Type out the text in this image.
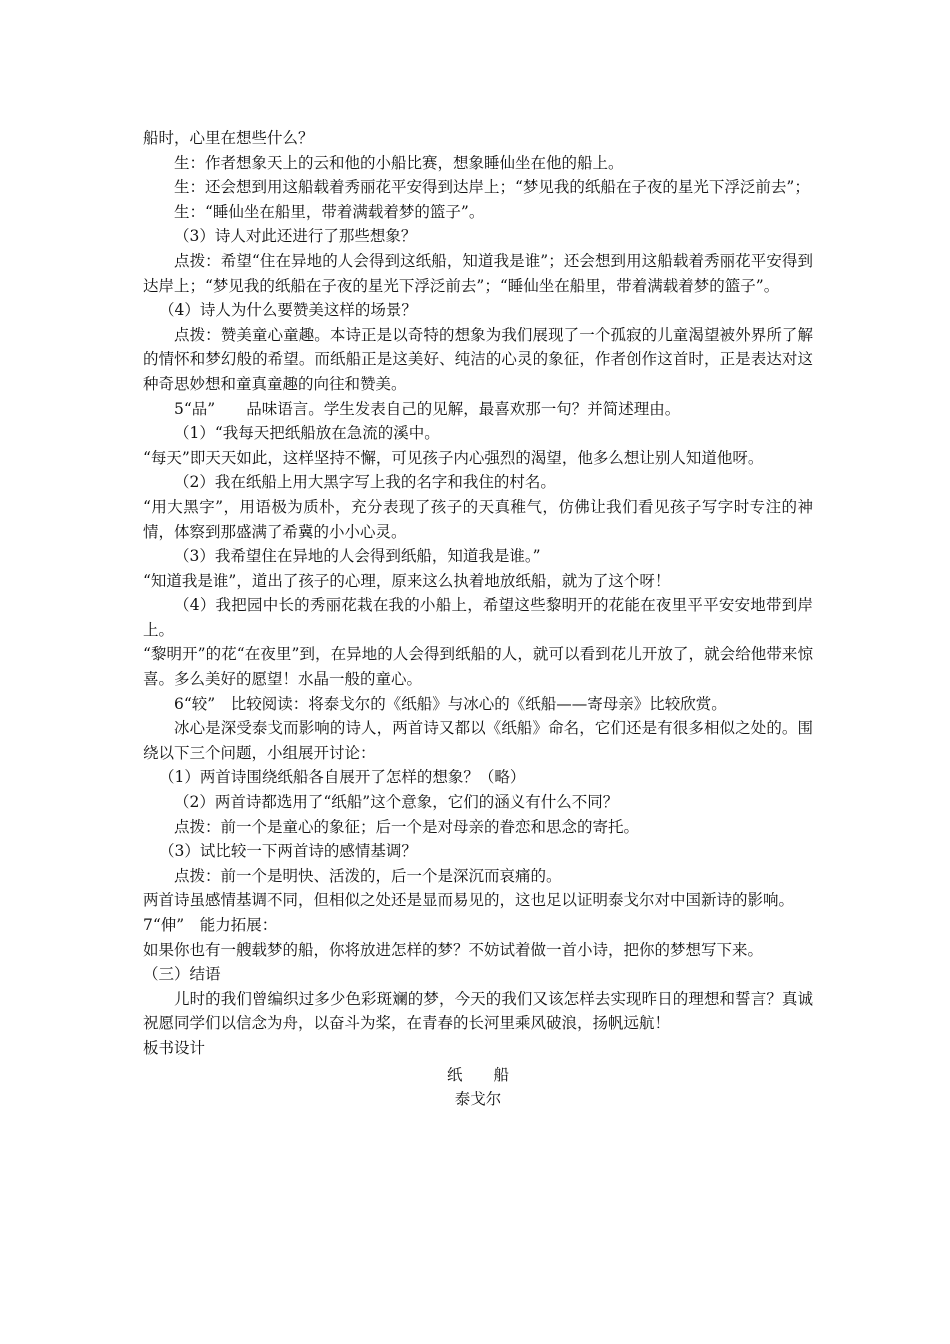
船时，心里在想些什么？

生：作者想象天上的云和他的小船比赛，想象睡仙坐在他的船上。

生：还会想到用这船载着秀丽花平安得到达岸上；“梦见我的纸船在子夜的星光下浮泛前去”；

生：“睡仙坐在船里，带着满载着梦的篮子”。

（3）诗人对此还进行了那些想象？

点拨：希望“住在异地的人会得到这纸船，知道我是谁”；还会想到用这船载着秀丽花平安得到达岸上；“梦见我的纸船在子夜的星光下浮泛前去”；“睡仙坐在船里，带着满载着梦的篮子”。

（4）诗人为什么要赞美这样的场景？

点拨：赞美童心童趣。本诗正是以奇特的想象为我们展现了一个孤寂的儿童渴望被外界所了解的情怀和梦幻般的希望。而纸船正是这美好、纯洁的心灵的象征，作者创作这首时，正是表达对这种奇思妙想和童真童趣的向往和赞美。

5“品”　　品味语言。学生发表自己的见解，最喜欢那一句？并简述理由。

（1）“我每天把纸船放在急流的溪中。

“每天”即天天如此，这样坚持不懈，可见孩子内心强烈的渴望，他多么想让别人知道他呀。

（2）我在纸船上用大黑字写上我的名字和我住的村名。

“用大黑字”，用语极为质朴，充分表现了孩子的天真稚气，仿佛让我们看见孩子写字时专注的神情，体察到那盛满了希冀的小小心灵。

（3）我希望住在异地的人会得到纸船，知道我是谁。”

“知道我是谁”，道出了孩子的心理，原来这么执着地放纸船，就为了这个呀！

（4）我把园中长的秀丽花栽在我的小船上，希望这些黎明开的花能在夜里平平安安地带到岸上。

“黎明开”的花“在夜里”到，在异地的人会得到纸船的人，就可以看到花儿开放了，就会给他带来惊喜。多么美好的愿望！水晶一般的童心。

6“较”　比较阅读：将泰戈尔的《纸船》与冰心的《纸船——寄母亲》比较欣赏。

冰心是深受泰戈而影响的诗人，两首诗又都以《纸船》命名，它们还是有很多相似之处的。围绕以下三个问题，小组展开讨论：

（1）两首诗围绕纸船各自展开了怎样的想象？（略）

（2）两首诗都选用了“纸船”这个意象，它们的涵义有什么不同？

点拨：前一个是童心的象征；后一个是对母亲的眷恋和思念的寄托。

（3）试比较一下两首诗的感情基调？

点拨：前一个是明快、活泼的，后一个是深沉而哀痛的。

两首诗虽感情基调不同，但相似之处还是显而易见的，这也足以证明泰戈尔对中国新诗的影响。

7“伸”　能力拓展：

如果你也有一艘载梦的船，你将放进怎样的梦？不妨试着做一首小诗，把你的梦想写下来。

（三）结语

儿时的我们曾编织过多少色彩斑斓的梦，今天的我们又该怎样去实现昨日的理想和誓言？真诚祝愿同学们以信念为舟，以奋斗为桨，在青春的长河里乘风破浪，扬帆远航！

板书设计

纸　　船

泰戈尔
